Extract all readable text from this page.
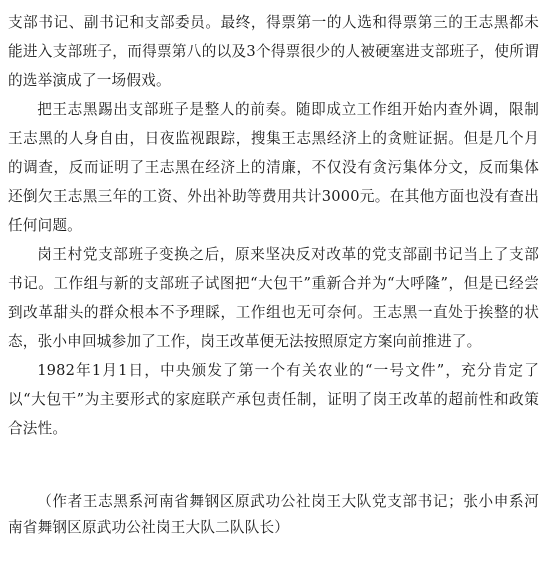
支部书记、副书记和支部委员。最终，得票第一的人选和得票第三的王志黑都未能进入支部班子，而得票第八的以及3个得票很少的人被硬塞进支部班子，使所谓的选举演成了一场假戏。

把王志黑踢出支部班子是整人的前奏。随即成立工作组开始内查外调，限制王志黑的人身自由，日夜监视跟踪，搜集王志黑经济上的贪赃证据。但是几个月的调查，反而证明了王志黑在经济上的清廉，不仅没有贪污集体分文，反而集体还倒欠王志黑三年的工资、外出补助等费用共计3000元。在其他方面也没有查出任何问题。

岗王村党支部班子变换之后，原来坚决反对改革的党支部副书记当上了支部书记。工作组与新的支部班子试图把“大包干”重新合并为“大呼隆”，但是已经尝到改革甜头的群众根本不予理睬，工作组也无可奈何。王志黑一直处于挨整的状态，张小申回城参加了工作，岗王改革便无法按照原定方案向前推进了。

1982年1月1日，中央颁发了第一个有关农业的“一号文件”，充分肯定了以“大包干”为主要形式的家庭联产承包责任制，证明了岗王改革的超前性和政策合法性。

（作者王志黑系河南省舞钢区原武功公社岗王大队党支部书记；张小申系河南省舞钢区原武功公社岗王大队二队队长）
